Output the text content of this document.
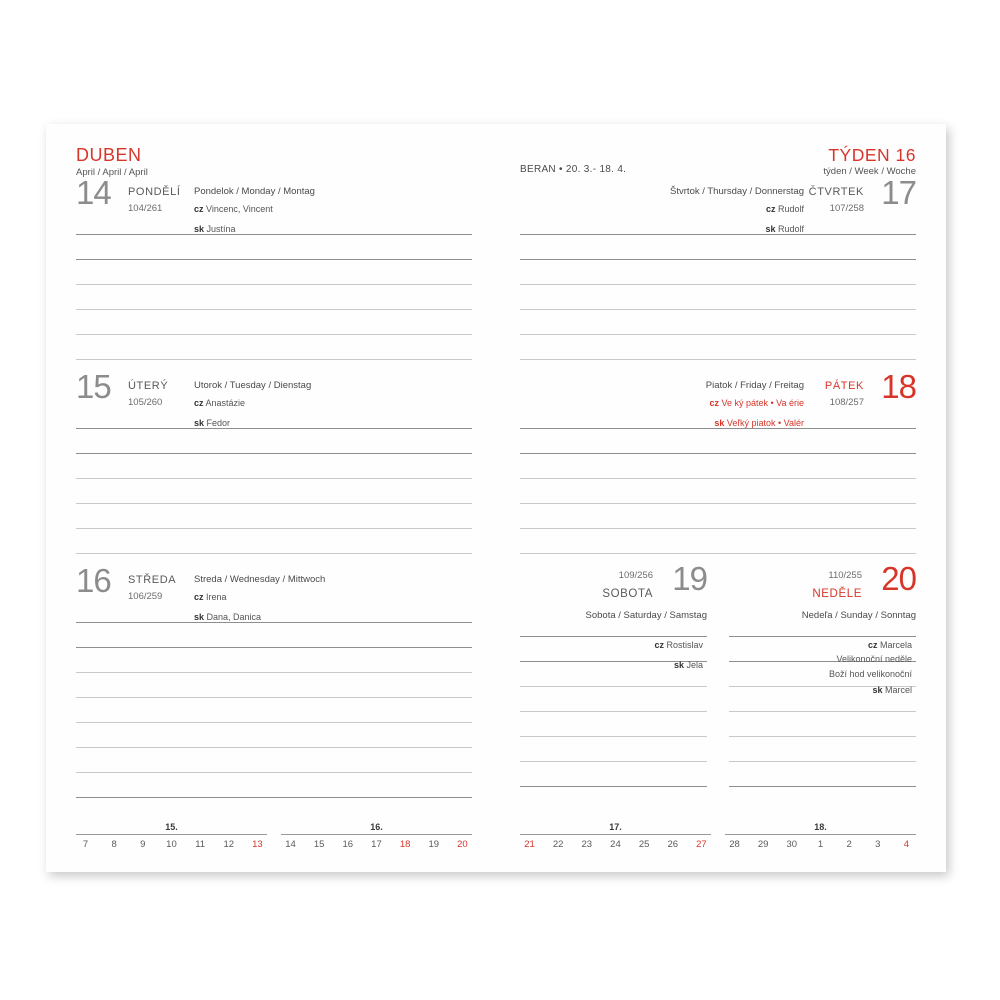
DUBEN
April / April / April
14 PONDĚLÍ
104/261
Pondelok / Monday / Montag
cz Vincenc, Vincent
sk Justína
15 ÚTERÝ
105/260
Utorok / Tuesday / Dienstag
cz Anastázie
sk Fedor
16 STŘEDA
106/259
Streda / Wednesday / Mittwoch
cz Irena
sk Dana, Danica
15.
7	8	9	10 11 12 13
16.
14 15 16 17 18 19 20
TÝDEN 16
týden / Week / Woche
BERAN • 20. 3.- 18. 4.
17
ČTVRTEK
107/258
Štvrtok / Thursday / Donnerstag
cz Rudolf
sk Rudolf
18
PÁTEK
108/257
Piatok / Friday / Freitag
cz Ve ký pátek • Va érie
sk Veľký piatok • Valér
109/256 19
SOBOTA
Sobota / Saturday / Samstag
cz Rostislav
sk Jela
110/255 20
NEDĚLE
Nedeľa / Sunday / Sonntag
cz Marcela
Velikonoční neděle
Boží hod velikonoční
sk Marcel
17.
21 22 23 24 25 26 27
18.
28 29 30 1	2	3	4
